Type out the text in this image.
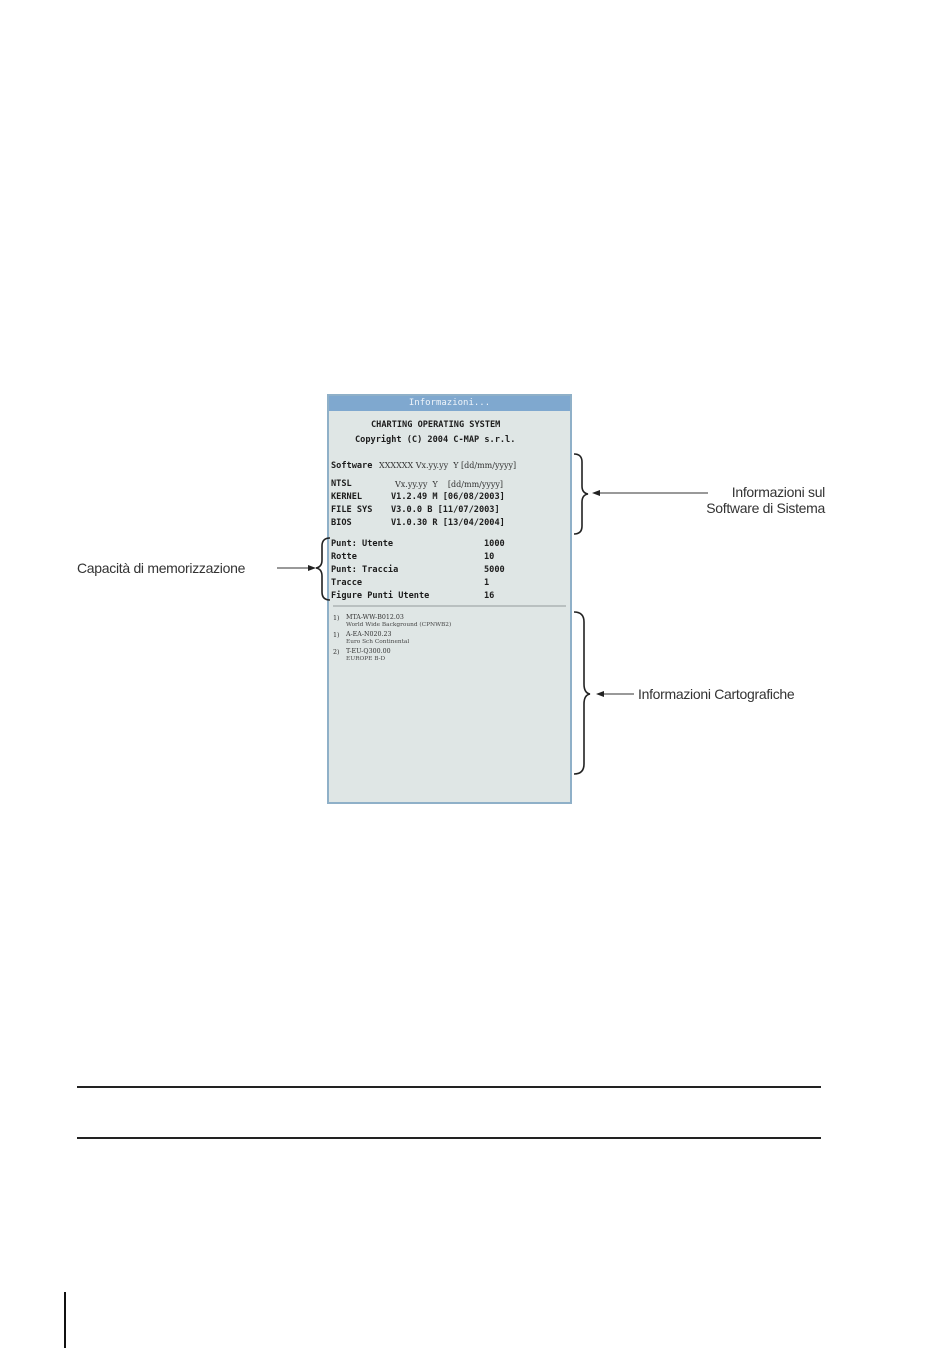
Informazioni...
CHARTING OPERATING SYSTEM
Copyright (C) 2004 C-MAP s.r.l.
Software XXXXXX Vx.yy.yy  Y [dd/mm/yyyy]
NTSL	Vx.yy.yy  Y    [dd/mm/yyyy]
KERNEL	V1.2.49 M [06/08/2003]
FILE SYS V3.0.0 B [11/07/2003]
BIOS	V1.0.30 R [13/04/2004]
Punt: Utente	1000
Rotte	10
Punt: Traccia	5000
Tracce	1
Figure Punti Utente	16
1) MTA-WW-B012.03
World Wide Background (CPNWB2)
1) A-EA-N020.23
Euro Sch Continental
2) T-EU-Q300.00
EUROPE B-D
Informazioni sul
Software di Sistema
Capacità di memorizzazione
Informazioni Cartografiche
